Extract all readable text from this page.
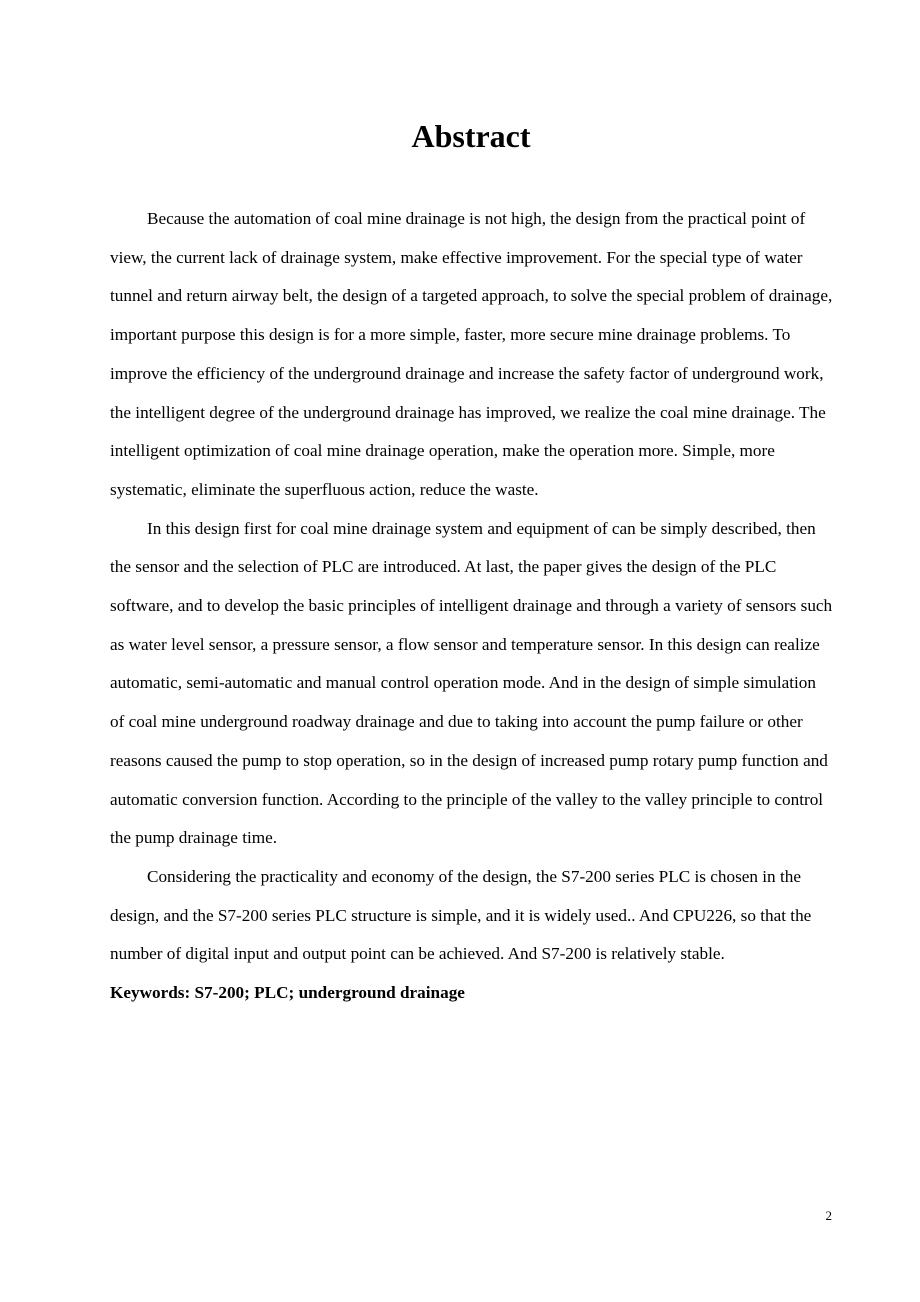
Abstract

Because the automation of coal mine drainage is not high, the design from the practical point of view, the current lack of drainage system, make effective improvement. For the special type of water tunnel and return airway belt, the design of a targeted approach, to solve the special problem of drainage, important purpose this design is for a more simple, faster, more secure mine drainage problems. To improve the efficiency of the underground drainage and increase the safety factor of underground work, the intelligent degree of the underground drainage has improved, we realize the coal mine drainage. The intelligent optimization of coal mine drainage operation, make the operation more. Simple, more systematic, eliminate the superfluous action, reduce the waste.

In this design first for coal mine drainage system and equipment of can be simply described, then the sensor and the selection of PLC are introduced. At last, the paper gives the design of the PLC software, and to develop the basic principles of intelligent drainage and through a variety of sensors such as water level sensor, a pressure sensor, a flow sensor and temperature sensor. In this design can realize automatic, semi-automatic and manual control operation mode. And in the design of simple simulation of coal mine underground roadway drainage and due to taking into account the pump failure or other reasons caused the pump to stop operation, so in the design of increased pump rotary pump function and automatic conversion function. According to the principle of the valley to the valley principle to control the pump drainage time.

Considering the practicality and economy of the design, the S7-200 series PLC is chosen in the design, and the S7-200 series PLC structure is simple, and it is widely used.. And CPU226, so that the number of digital input and output point can be achieved. And S7-200 is relatively stable.

Keywords: S7-200; PLC; underground drainage

2
